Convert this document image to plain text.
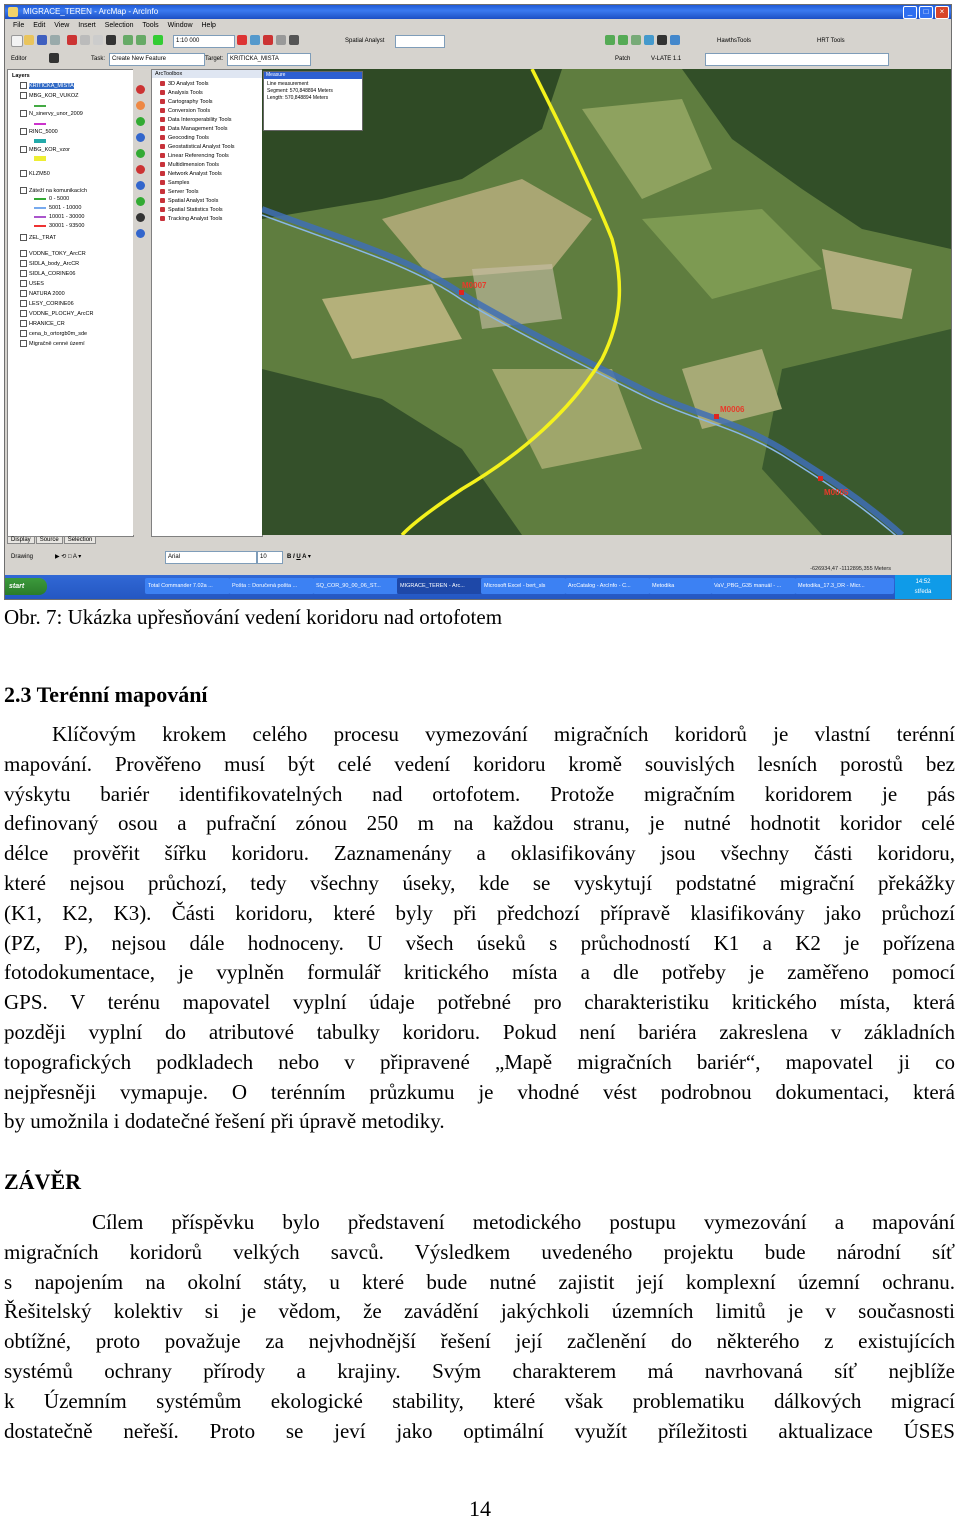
MIGRACE_TEREN - ArcMap - ArcInfo	_	□	×
File Edit View Insert Selection Tools Window Help
1:10 000	Spatial Analyst	HawthsTools	HRT Tools
Editor	Task:	Create New Feature	Target:	KRITICKA_MISTA	Patch	V-LATE 1.1
Layers
KRITICKA_MISTA
MBG_KOR_VUKOZ
N_sinervy_unor_2009
RINC_5000
MBG_KOR_vzor
KLZM50
Záteží na komunikacích
0 - 5000
5001 - 10000
10001 - 30000
30001 - 93500
ZEL_TRAT
VODNE_TOKY_ArcCR
SIDLA_body_ArcCR
SIDLA_CORINE06
USES
NATURA 2000
LESY_CORINE06
VODNE_PLOCHY_ArcCR
HRANICE_CR
cena_b_ortorgb0m_sde
Migračně cenné území
ArcToolbox
3D Analyst Tools
Analysis Tools
Cartography Tools
Conversion Tools
Data Interoperability Tools
Data Management Tools
Geocoding Tools
Geostatistical Analyst Tools
Linear Referencing Tools
Multidimension Tools
Network Analyst Tools
Samples
Server Tools
Spatial Analyst Tools
Spatial Statistics Tools
Tracking Analyst Tools
M0007
M0006
M0005
Measure
Line measurement
Segment: 570,848894 Meters
Length: 570,848894 Meters
Display Source Selection
Drawing	▶ ⟲ □ A ▾	Arial	10	B I U A ▾
-626934,47 -1112895,355 Meters
start	Total Commander 7.02a ...	Pošta :: Doručená pošta ...	SQ_COR_90_00_06_ST...	MIGRACE_TEREN - Arc...	Microsoft Excel - bert_sls	ArcCatalog - ArcInfo - C...	Metodika	VaV_PBG_G35 manuál - ...	Metodika_17.3_DR - Micr...
14:52
středa
Obr. 7: Ukázka upřesňování vedení koridoru nad ortofotem
2.3 Terénní mapování
Klíčovým krokem celého procesu vymezování migračních koridorů je vlastní terénní
mapování. Prověřeno musí být celé vedení koridoru kromě souvislých lesních porostů bez
výskytu bariér identifikovatelných nad ortofotem. Protože migračním koridorem je pás
definovaný osou a pufrační zónou 250 m na každou stranu, je nutné hodnotit koridor celé
délce prověřit šířku koridoru. Zaznamenány a oklasifikovány jsou všechny části koridoru,
které nejsou průchozí, tedy všechny úseky, kde se vyskytují podstatné migrační překážky
(K1, K2, K3). Části koridoru, které byly při předchozí přípravě klasifikovány jako průchozí
(PZ, P), nejsou dále hodnoceny. U všech úseků s průchodností K1 a K2 je pořízena
fotodokumentace, je vyplněn formulář kritického místa a dle potřeby je zaměřeno pomocí
GPS. V terénu mapovatel vyplní údaje potřebné pro charakteristiku kritického místa, která
později vyplní do atributové tabulky koridoru. Pokud není bariéra zakreslena v základních
topografických podkladech nebo v připravené „Mapě migračních bariér“, mapovatel ji co
nejpřesněji vymapuje. O terénním průzkumu je vhodné vést podrobnou dokumentaci, která
by umožnila i dodatečné řešení při úpravě metodiky.
ZÁVĚR
Cílem příspěvku bylo představení metodického postupu vymezování a mapování
migračních koridorů velkých savců. Výsledkem uvedeného projektu bude národní síť
s napojením na okolní státy, u které bude nutné zajistit její komplexní územní ochranu.
Řešitelský kolektiv si je vědom, že zavádění jakýchkoli územních limitů je v současnosti
obtížné, proto považuje za nejvhodnější řešení její začlenění do některého z existujících
systémů ochrany přírody a krajiny. Svým charakterem má navrhovaná síť nejblíže
k Územním systémům ekologické stability, které však problematiku dálkových migrací
dostatečně neřeší. Proto se jeví jako optimální využít příležitosti aktualizace ÚSES
14
